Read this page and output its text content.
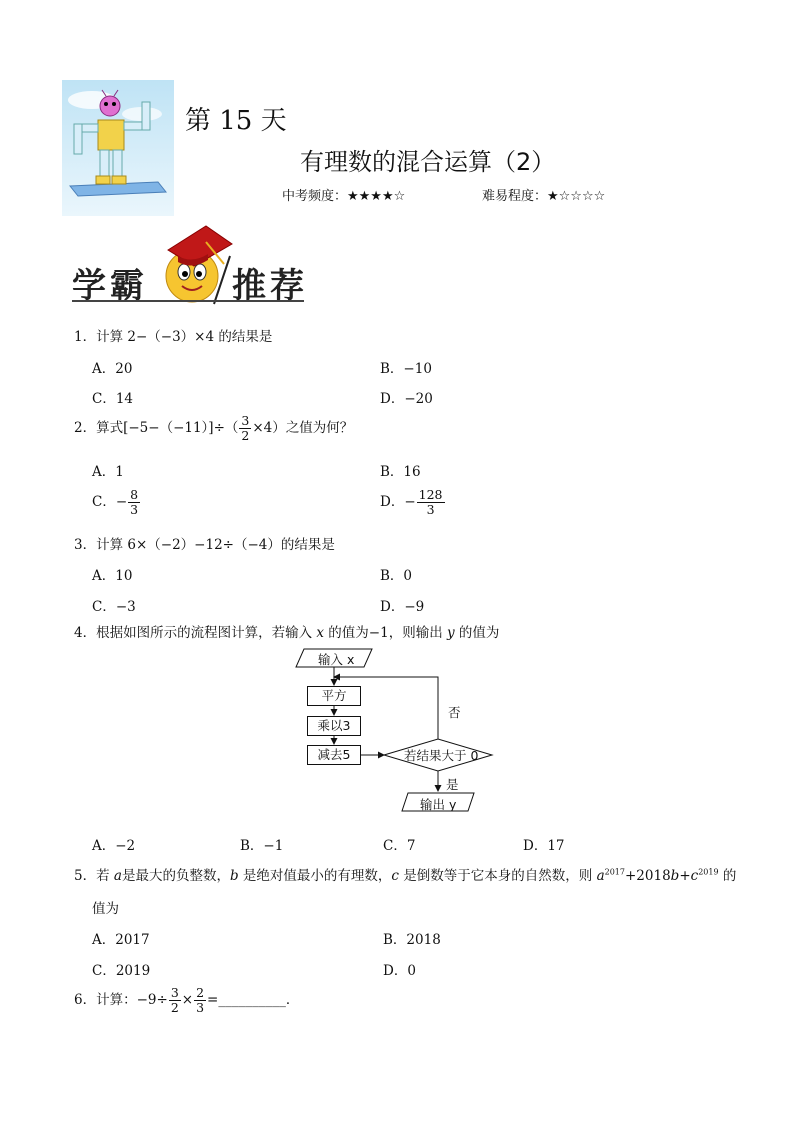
第 15 天
有理数的混合运算（2）
中考频度：★★★★☆	难易程度：★☆☆☆☆
学霸 推荐
1．计算 2−（−3）×4 的结果是
A．20	B．−10
C．14	D．−20
2．算式$[-5-(-11)]\div( \frac{3}{2} \times 4)$之值为何？
A．1	B．16
C．− $\frac{8}{3}$	D．− $\frac{128}{3}$
3．计算 6×（−2）−12÷（−4）的结果是
A．10	B．0
C．−3	D．−9
4．根据如图所示的流程图计算，若输入 x 的值为−1，则输出 y 的值为
输入 x
平方
乘以3
减去5	若结果大于 0
否
是
输出 y
A．−2	B．−1	C．7	D．17
5．若 a是最大的负整数，b 是绝对值最小的有理数，c 是倒数等于它本身的自然数，则 $a^{2017}+2018b+c^{2019}$ 的
值为
A．2017	B．2018
C．2019	D．0
6．计算：$-9\div \frac{3}{2} \times \frac{2}{3}$ =__________．
